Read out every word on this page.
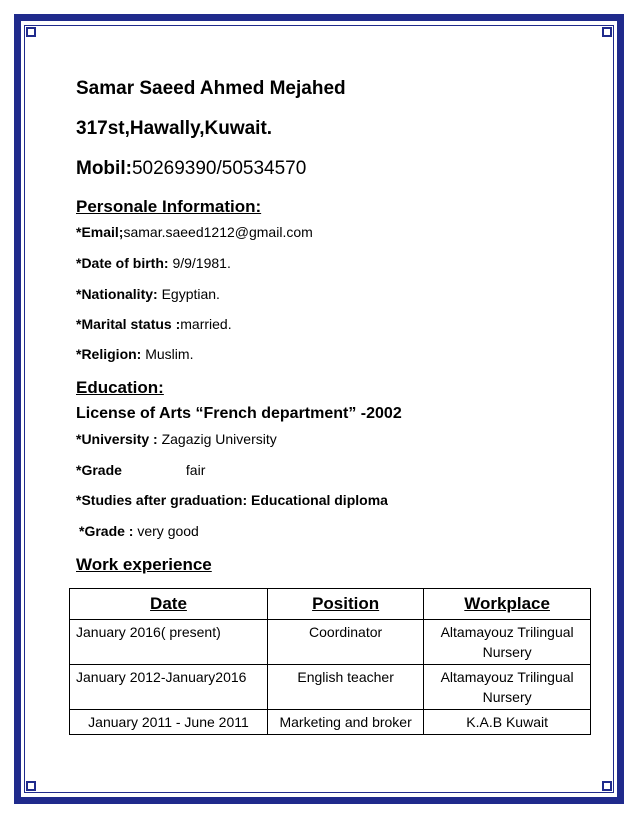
Samar Saeed Ahmed Mejahed
317st,Hawally,Kuwait.
Mobil:50269390/50534570
Personale Information:
*Email;samar.saeed1212@gmail.com
*Date of birth: 9/9/1981.
*Nationality: Egyptian.
*Marital status :married.
*Religion: Muslim.
Education:
License of Arts “French department” -2002
*University : Zagazig University
*Grade	fair
*Studies after graduation: Educational diploma
*Grade : very good
Work experience
Date	Position	Workplace
January 2016( present)	Coordinator	Altamayouz Trilingual Nursery
January 2012-January2016	English teacher	Altamayouz Trilingual Nursery
January 2011 - June 2011	Marketing and broker	K.A.B Kuwait
